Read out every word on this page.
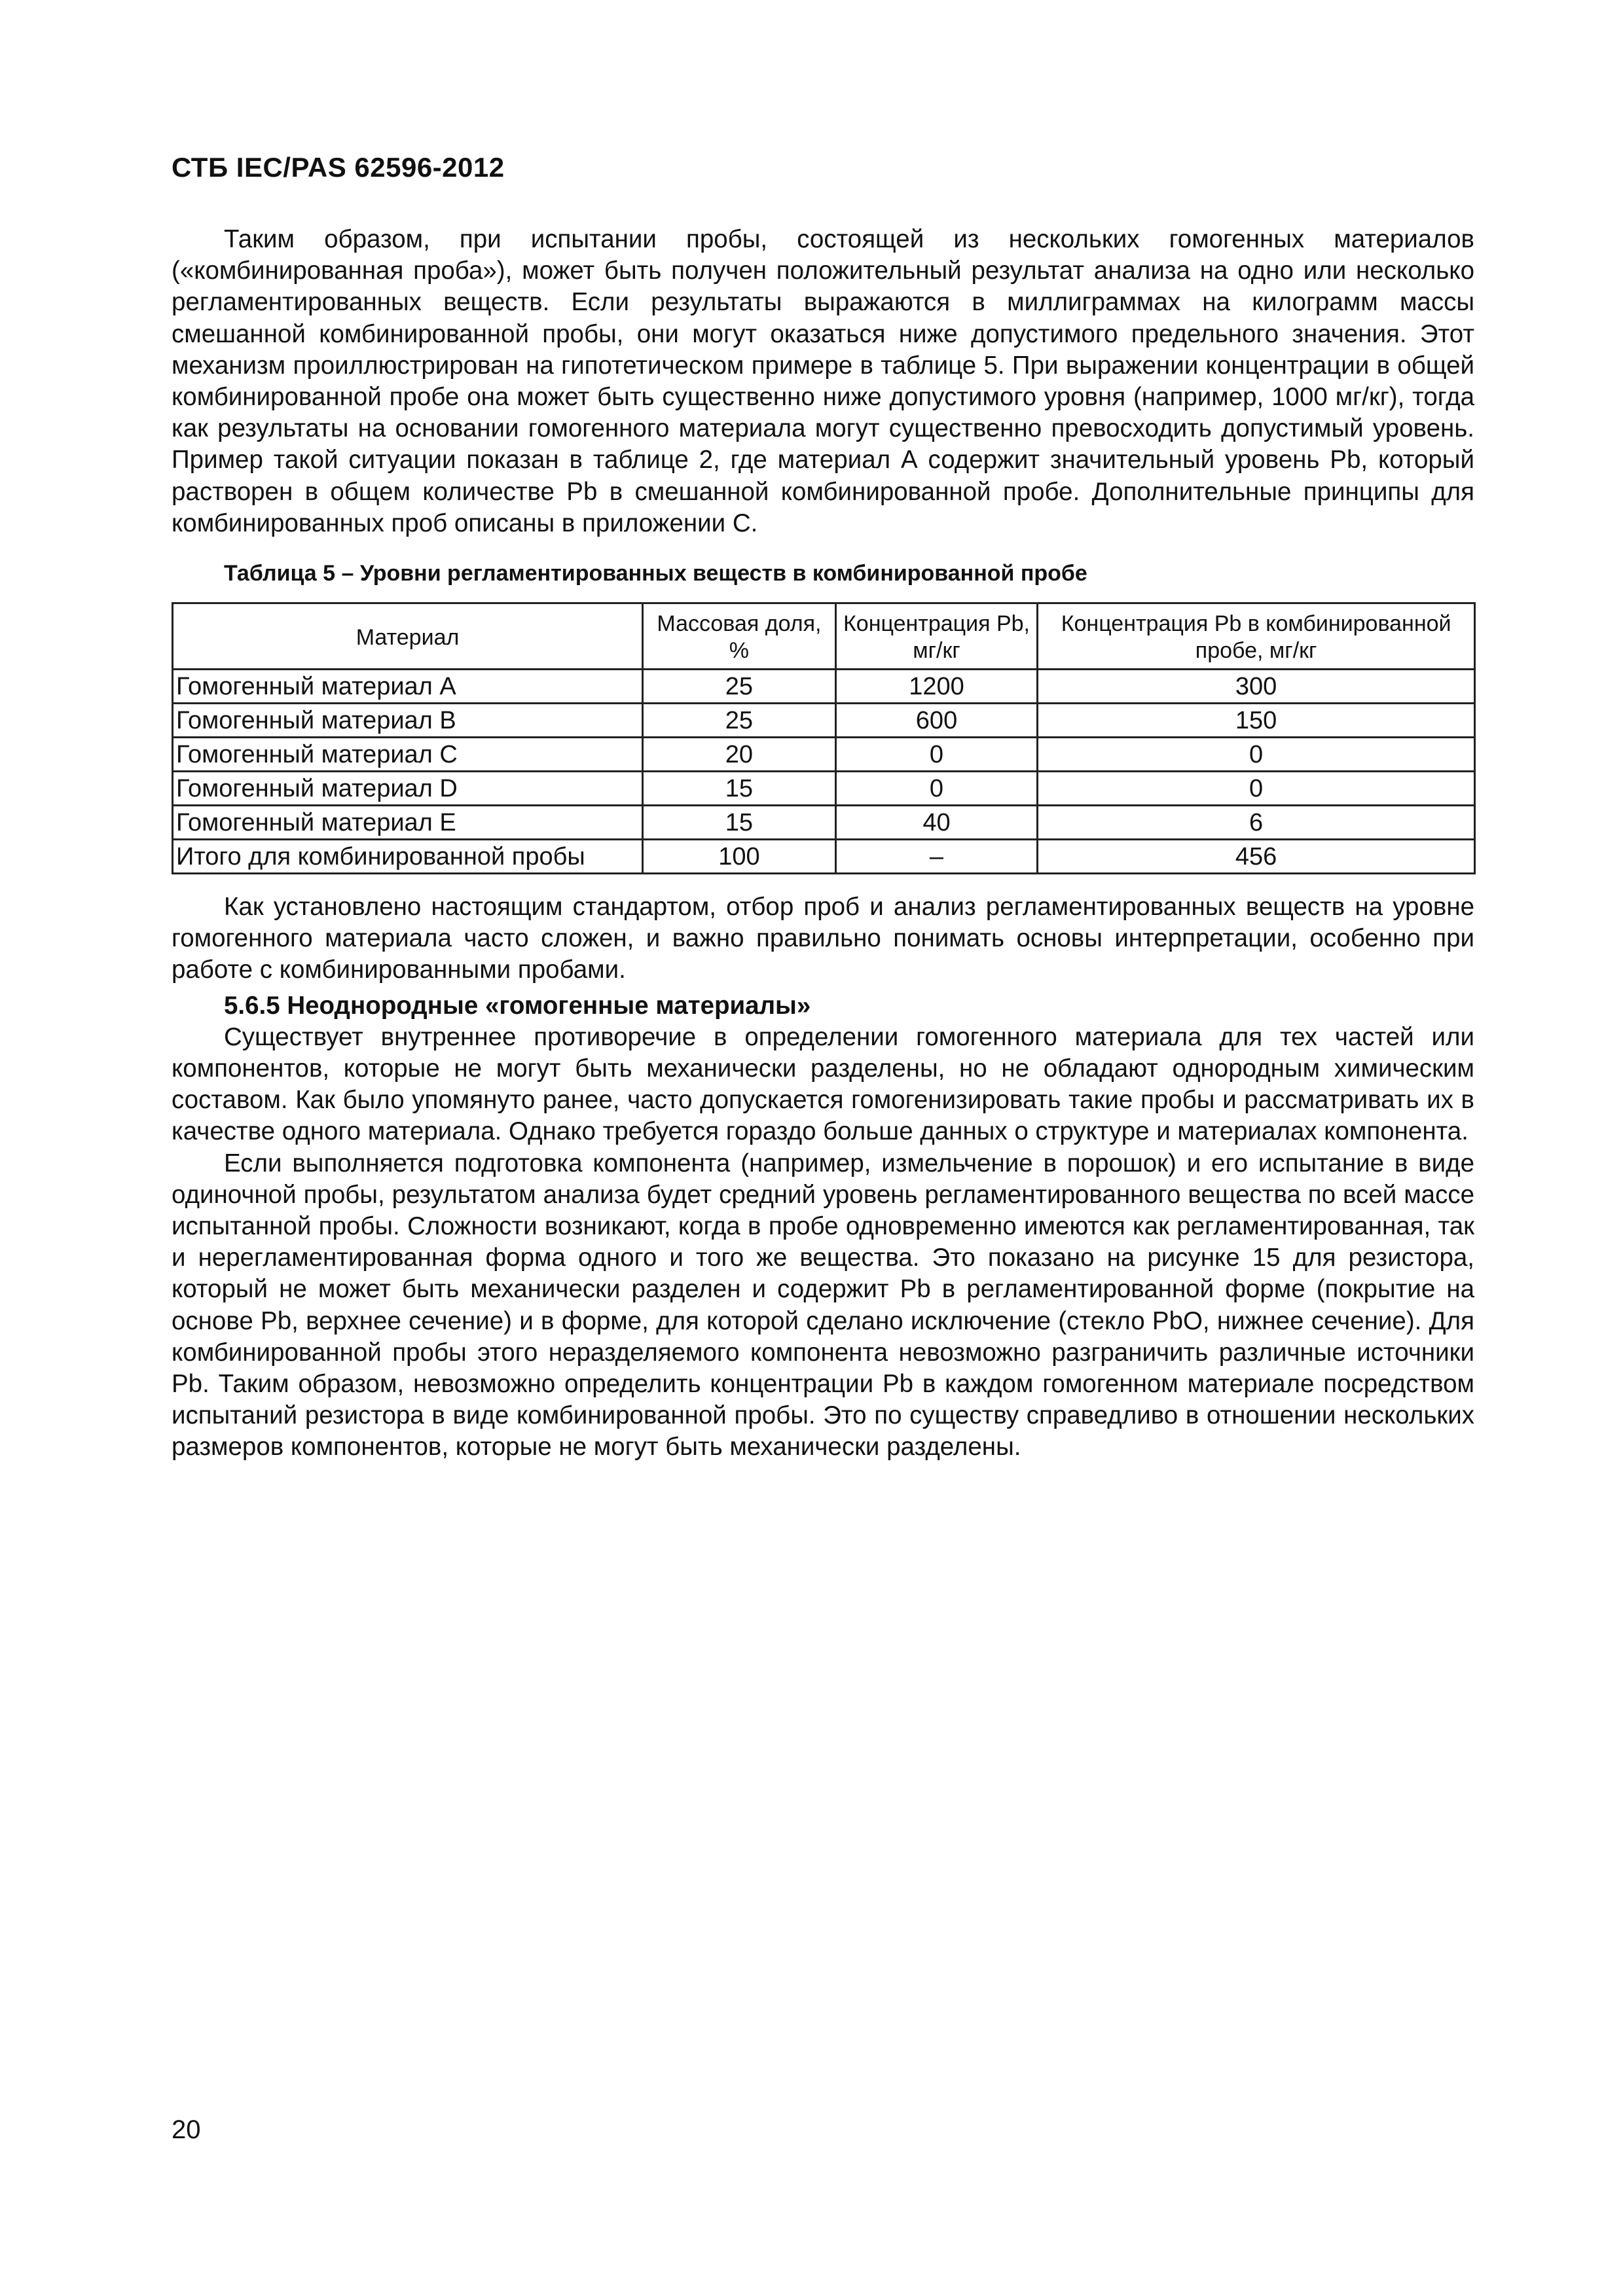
СТБ IEC/PAS 62596-2012

Таким образом, при испытании пробы, состоящей из нескольких гомогенных материалов («комбинированная проба»), может быть получен положительный результат анализа на одно или несколько регламентированных веществ. Если результаты выражаются в миллиграммах на килограмм массы смешанной комбинированной пробы, они могут оказаться ниже допустимого предельного значения. Этот механизм проиллюстрирован на гипотетическом примере в таблице 5. При выражении концентрации в общей комбинированной пробе она может быть существенно ниже допустимого уровня (например, 1000 мг/кг), тогда как результаты на основании гомогенного материала могут существенно превосходить допустимый уровень. Пример такой ситуации показан в таблице 2, где материал А содержит значительный уровень Pb, который растворен в общем количестве Pb в смешанной комбинированной пробе. Дополнительные принципы для комбинированных проб описаны в приложении С.

Таблица 5 – Уровни регламентированных веществ в комбинированной пробе
Материал	Массовая доля, %	Концентрация Pb, мг/кг	Концентрация Pb в комбинированной пробе, мг/кг
Гомогенный материал A	25	1200	300
Гомогенный материал B	25	600	150
Гомогенный материал C	20	0	0
Гомогенный материал D	15	0	0
Гомогенный материал E	15	40	6
Итого для комбинированной пробы	100	–	456

Как установлено настоящим стандартом, отбор проб и анализ регламентированных веществ на уровне гомогенного материала часто сложен, и важно правильно понимать основы интерпретации, особенно при работе с комбинированными пробами.

5.6.5 Неоднородные «гомогенные материалы»

Существует внутреннее противоречие в определении гомогенного материала для тех частей или компонентов, которые не могут быть механически разделены, но не обладают однородным химическим составом. Как было упомянуто ранее, часто допускается гомогенизировать такие пробы и рассматривать их в качестве одного материала. Однако требуется гораздо больше данных о структуре и материалах компонента.

Если выполняется подготовка компонента (например, измельчение в порошок) и его испытание в виде одиночной пробы, результатом анализа будет средний уровень регламентированного вещества по всей массе испытанной пробы. Сложности возникают, когда в пробе одновременно имеются как регламентированная, так и нерегламентированная форма одного и того же вещества. Это показано на рисунке 15 для резистора, который не может быть механически разделен и содержит Pb в регламентированной форме (покрытие на основе Pb, верхнее сечение) и в форме, для которой сделано исключение (стекло PbO, нижнее сечение). Для комбинированной пробы этого неразделяемого компонента невозможно разграничить различные источники Pb. Таким образом, невозможно определить концентрации Pb в каждом гомогенном материале посредством испытаний резистора в виде комбинированной пробы. Это по существу справедливо в отношении нескольких размеров компонентов, которые не могут быть механически разделены.

20
